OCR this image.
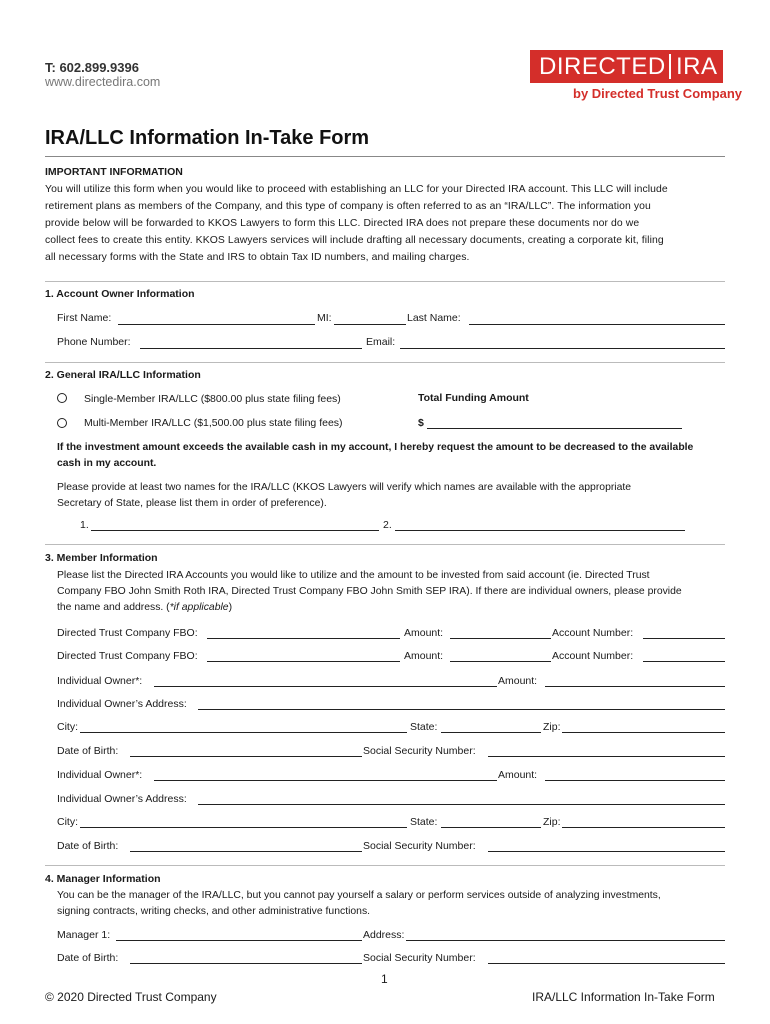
T: 602.899.9396
www.directedira.com
DIRECTED IRA
by Directed Trust Company
IRA/LLC Information In-Take Form
IMPORTANT INFORMATION
You will utilize this form when you would like to proceed with establishing an LLC for your Directed IRA account. This LLC will include
retirement plans as members of the Company, and this type of company is often referred to as an “IRA/LLC”. The information you
provide below will be forwarded to KKOS Lawyers to form this LLC. Directed IRA does not prepare these documents nor do we
collect fees to create this entity. KKOS Lawyers services will include drafting all necessary documents, creating a corporate kit, filing
all necessary forms with the State and IRS to obtain Tax ID numbers, and mailing charges.
1. Account Owner Information
First Name:	MI:	Last Name:
Phone Number:	Email:
2. General IRA/LLC Information
Single-Member IRA/LLC ($800.00 plus state filing fees)
Multi-Member IRA/LLC ($1,500.00 plus state filing fees)
Total Funding Amount
$
If the investment amount exceeds the available cash in my account, I hereby request the amount to be decreased to the available
cash in my account.
Please provide at least two names for the IRA/LLC (KKOS Lawyers will verify which names are available with the appropriate
Secretary of State, please list them in order of preference).
1.	2.
3. Member Information
Please list the Directed IRA Accounts you would like to utilize and the amount to be invested from said account (ie. Directed Trust
Company FBO John Smith Roth IRA, Directed Trust Company FBO John Smith SEP IRA). If there are individual owners, please provide
the name and address. (*if applicable)
Directed Trust Company FBO:	Amount:	Account Number:
Directed Trust Company FBO:	Amount:	Account Number:
Individual Owner*:	Amount:
Individual Owner’s Address:
City:	State:	Zip:
Date of Birth:	Social Security Number:
Individual Owner*:	Amount:
Individual Owner’s Address:
City:	State:	Zip:
Date of Birth:	Social Security Number:
4. Manager Information
You can be the manager of the IRA/LLC, but you cannot pay yourself a salary or perform services outside of analyzing investments,
signing contracts, writing checks, and other administrative functions.
Manager 1:	Address:
Date of Birth:	Social Security Number:
1
© 2020 Directed Trust Company	IRA/LLC Information In-Take Form
